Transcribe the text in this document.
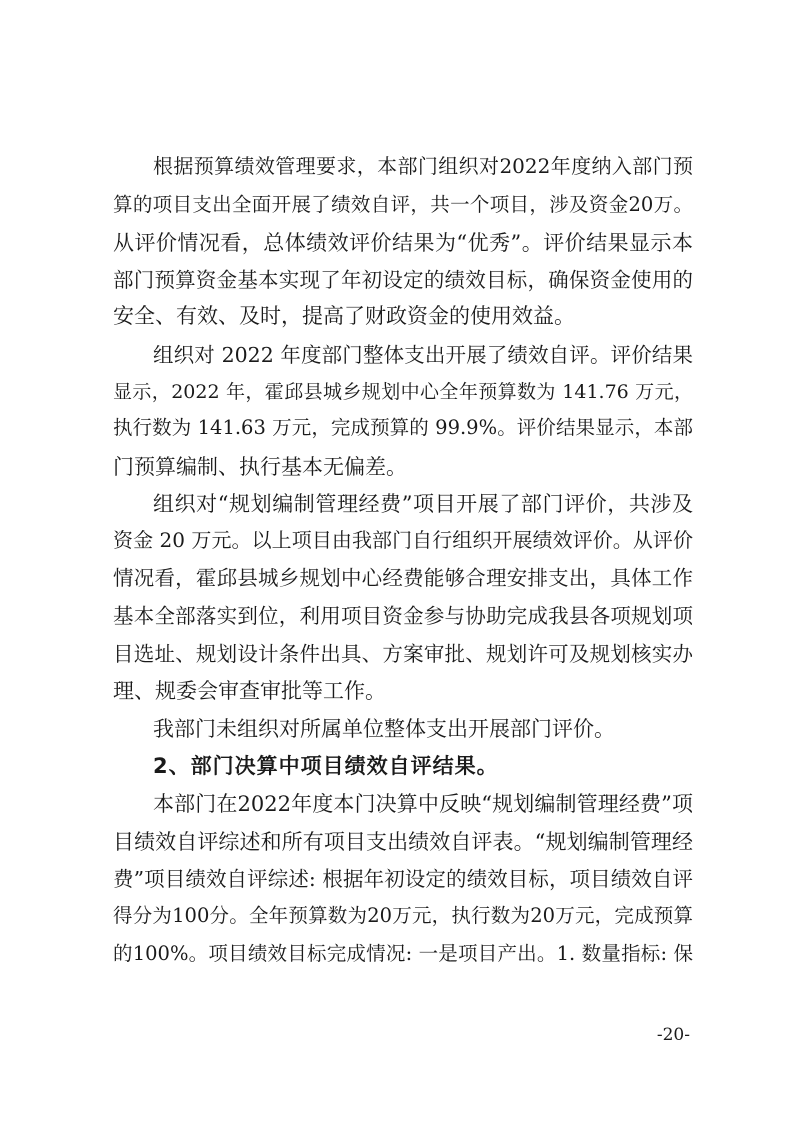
根据预算绩效管理要求，本部门组织对2022年度纳入部门预
算的项目支出全面开展了绩效自评，共一个项目，涉及资金20万。
从评价情况看，总体绩效评价结果为“优秀”。评价结果显示本
部门预算资金基本实现了年初设定的绩效目标，确保资金使用的
安全、有效、及时，提高了财政资金的使用效益。
组织对 2022 年度部门整体支出开展了绩效自评。评价结果
显示，2022 年，霍邱县城乡规划中心全年预算数为 141.76 万元，
执行数为 141.63 万元，完成预算的 99.9%。评价结果显示，本部
门预算编制、执行基本无偏差。
组织对“规划编制管理经费”项目开展了部门评价，共涉及
资金 20 万元。以上项目由我部门自行组织开展绩效评价。从评价
情况看，霍邱县城乡规划中心经费能够合理安排支出，具体工作
基本全部落实到位，利用项目资金参与协助完成我县各项规划项
目选址、规划设计条件出具、方案审批、规划许可及规划核实办
理、规委会审查审批等工作。
我部门未组织对所属单位整体支出开展部门评价。
2、部门决算中项目绩效自评结果。
本部门在2022年度本门决算中反映“规划编制管理经费”项
目绩效自评综述和所有项目支出绩效自评表。“规划编制管理经
费”项目绩效自评综述: 根据年初设定的绩效目标，项目绩效自评
得分为100分。全年预算数为20万元，执行数为20万元，完成预算
的100%。项目绩效目标完成情况: 一是项目产出。1. 数量指标: 保
-20-
